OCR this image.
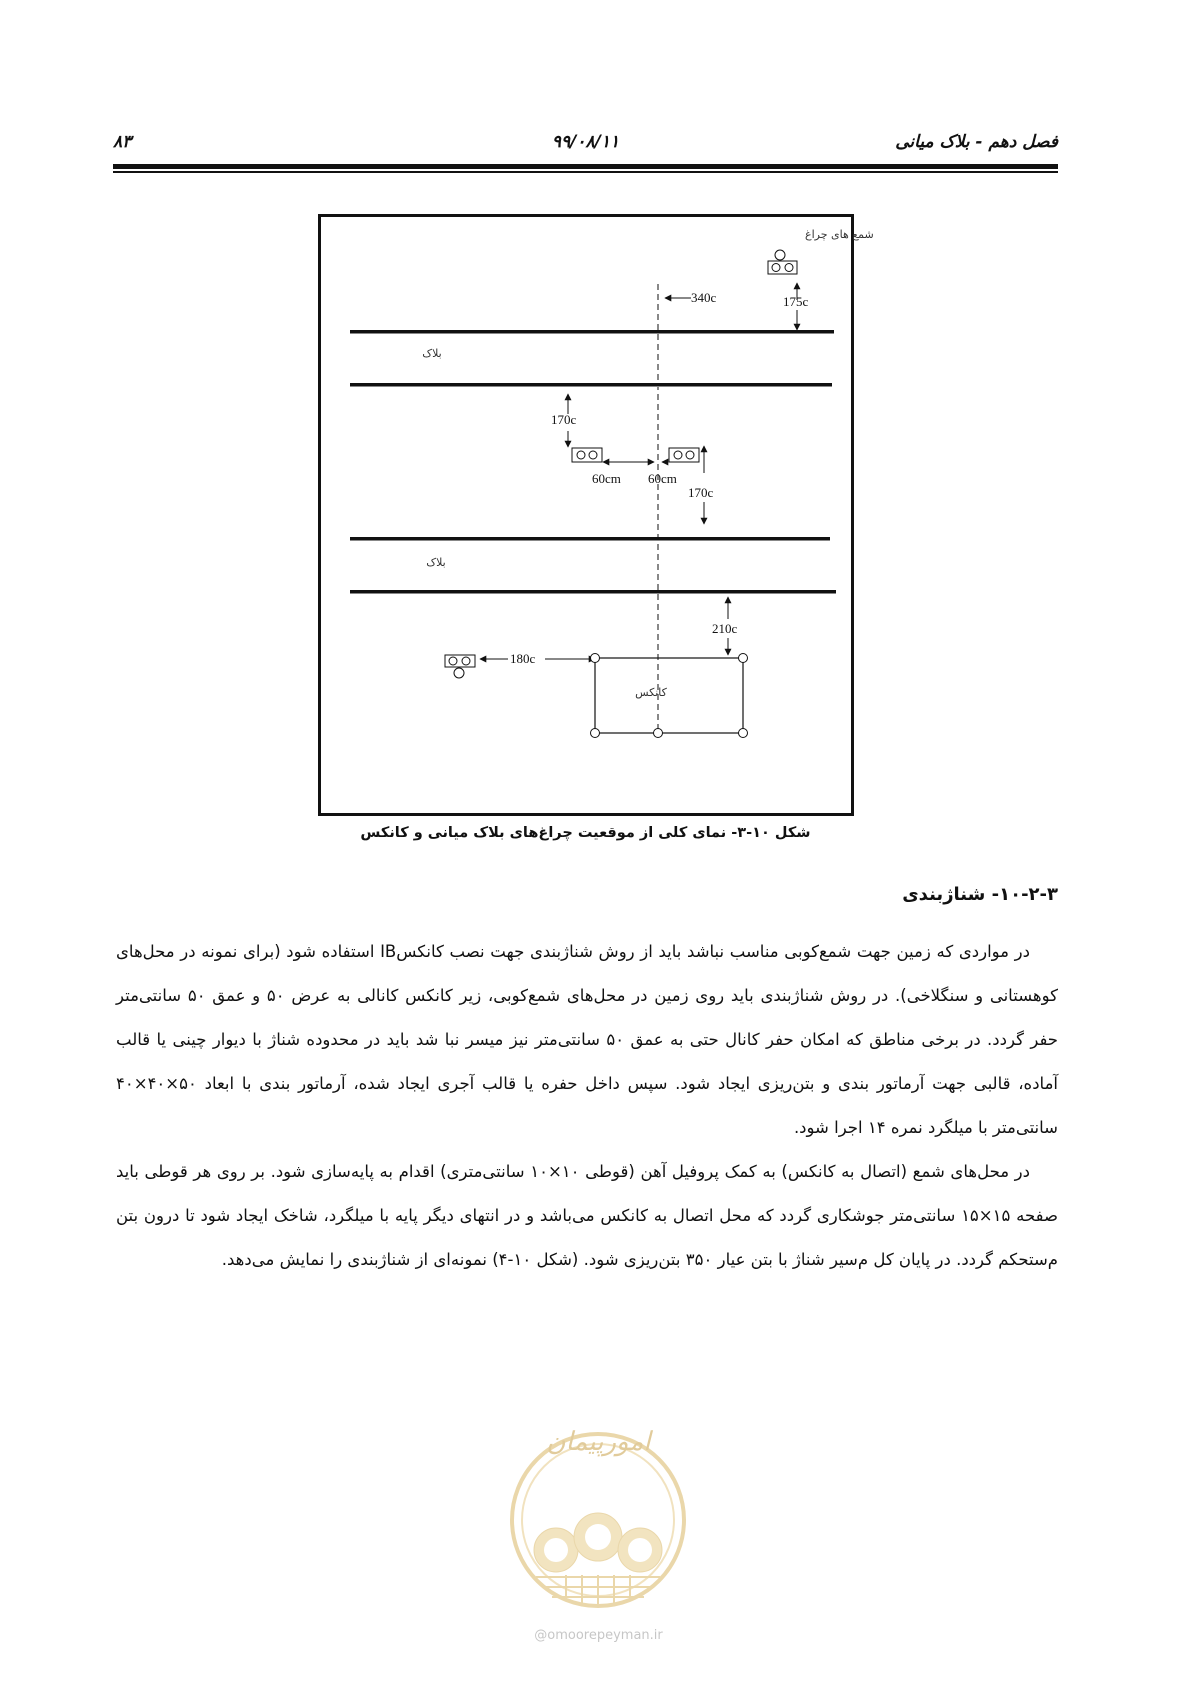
فصل دهم - بلاک میانی
۹۹/۰۸/۱۱
۸۳
شمع های چراغ
340c	175c
بلاک
170c
60cm 60cm
170c
بلاک
210c
180c
کانکس
شکل ۱۰-۳- نمای کلی از موقعیت چراغ‌های بلاک میانی و کانکس
۱۰-۲-۳- شناژبندی

در مواردی که زمین جهت شمع‌کوبی مناسب نباشد باید از روش شناژبندی جهت نصب کانکسIB استفاده شود (برای نمونه در محل‌های کوهستانی و سنگلاخی). در روش شناژبندی باید روی زمین در محل‌های شمع‌کوبی، زیر کانکس کانالی به عرض ۵۰ و عمق ۵۰ سانتی‌متر حفر گردد. در برخی مناطق که امکان حفر کانال حتی به عمق ۵۰ سانتی‌متر نیز میسر نبا شد باید در محدوده شناژ با دیوار چینی یا قالب آماده، قالبی جهت آرماتور بندی و بتن‌ریزی ایجاد شود. سپس داخل حفره یا قالب آجری ایجاد شده، آرماتور بندی با ابعاد ۵۰×۴۰×۴۰ سانتی‌متر با میلگرد نمره ۱۴ اجرا شود.

در محل‌های شمع (اتصال به کانکس) به کمک پروفیل آهن (قوطی ۱۰×۱۰ سانتی‌متری) اقدام به پایه‌سازی شود. بر روی هر قوطی باید صفحه ۱۵×۱۵ سانتی‌متر جوشکاری گردد که محل اتصال به کانکس می‌باشد و در انتهای دیگر پایه با میلگرد، شاخک ایجاد شود تا درون بتن م‌ستحکم گردد. در پایان کل م‌سیر شناژ با بتن عیار ۳۵۰ بتن‌ریزی شود. (شکل ۱۰-۴) نمونه‌ای از شناژبندی را نمایش می‌دهد.

امورپیمان
@omoorepeyman.ir
